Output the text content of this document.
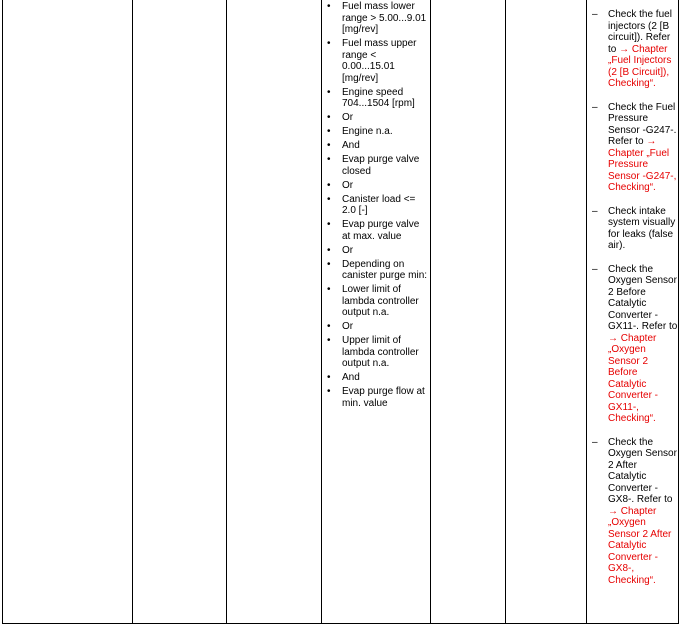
• Fuel mass lower range > 5.00...9.01 [mg/rev]
• Fuel mass upper range < 0.00...15.01 [mg/rev]
• Engine speed 704...1504 [rpm]
• Or
• Engine n.a.
• And
• Evap purge valve closed
• Or
• Canister load <= 2.0 [-]
• Evap purge valve at max. value
• Or
• Depending on canister purge min:
• Lower limit of lambda controller output n.a.
• Or
• Upper limit of lambda controller output n.a.
• And
• Evap purge flow at min. value
– Check the fuel injectors (2 [B circuit]). Refer to → Chapter „Fuel Injectors (2 [B Circuit]), Checking“.
– Check the Fuel Pressure Sensor -G247-. Refer to → Chapter „Fuel Pressure Sensor -G247-, Checking“.
– Check intake system visually for leaks (false air).
– Check the Oxygen Sensor 2 Before Catalytic Converter -GX11-. Refer to → Chapter „Oxygen Sensor 2 Before Catalytic Converter -GX11-, Checking“.
– Check the Oxygen Sensor 2 After Catalytic Converter -GX8-. Refer to → Chapter „Oxygen Sensor 2 After Catalytic Converter -GX8-, Checking“.
